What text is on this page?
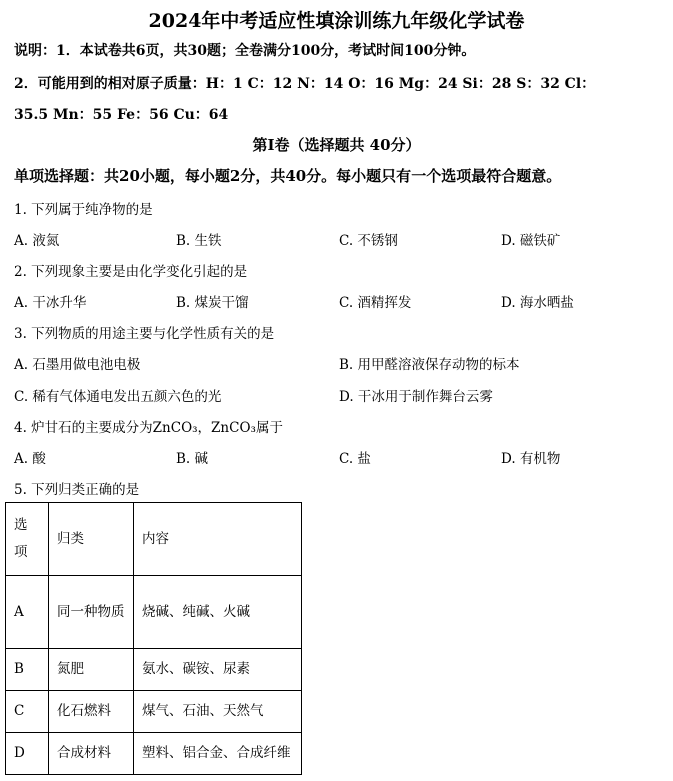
2024年中考适应性填涂训练九年级化学试卷
说明：1．本试卷共6页，共30题；全卷满分100分，考试时间100分钟。
2．可能用到的相对原子质量：H：1 C：12 N：14 O：16 Mg：24 Si：28 S：32 Cl：
35.5 Mn：55 Fe：56 Cu：64
第Ⅰ卷（选择题共 40分）
单项选择题：共20小题，每小题2分，共40分。每小题只有一个选项最符合题意。
1. 下列属于纯净物的是
A. 液氮	B. 生铁	C. 不锈钢	D. 磁铁矿
2. 下列现象主要是由化学变化引起的是
A. 干冰升华	B. 煤炭干馏	C. 酒精挥发	D. 海水晒盐
3. 下列物质的用途主要与化学性质有关的是
A. 石墨用做电池电极	B. 用甲醛溶液保存动物的标本
C. 稀有气体通电发出五颜六色的光	D. 干冰用于制作舞台云雾
4. 炉甘石的主要成分为ZnCO₃，ZnCO₃属于
A. 酸	B. 碱	C. 盐	D. 有机物
5. 下列归类正确的是
选项	归类	内容
A	同一种物质	烧碱、纯碱、火碱
B	氮肥	氨水、碳铵、尿素
C	化石燃料	煤气、石油、天然气
D	合成材料	塑料、铝合金、合成纤维
